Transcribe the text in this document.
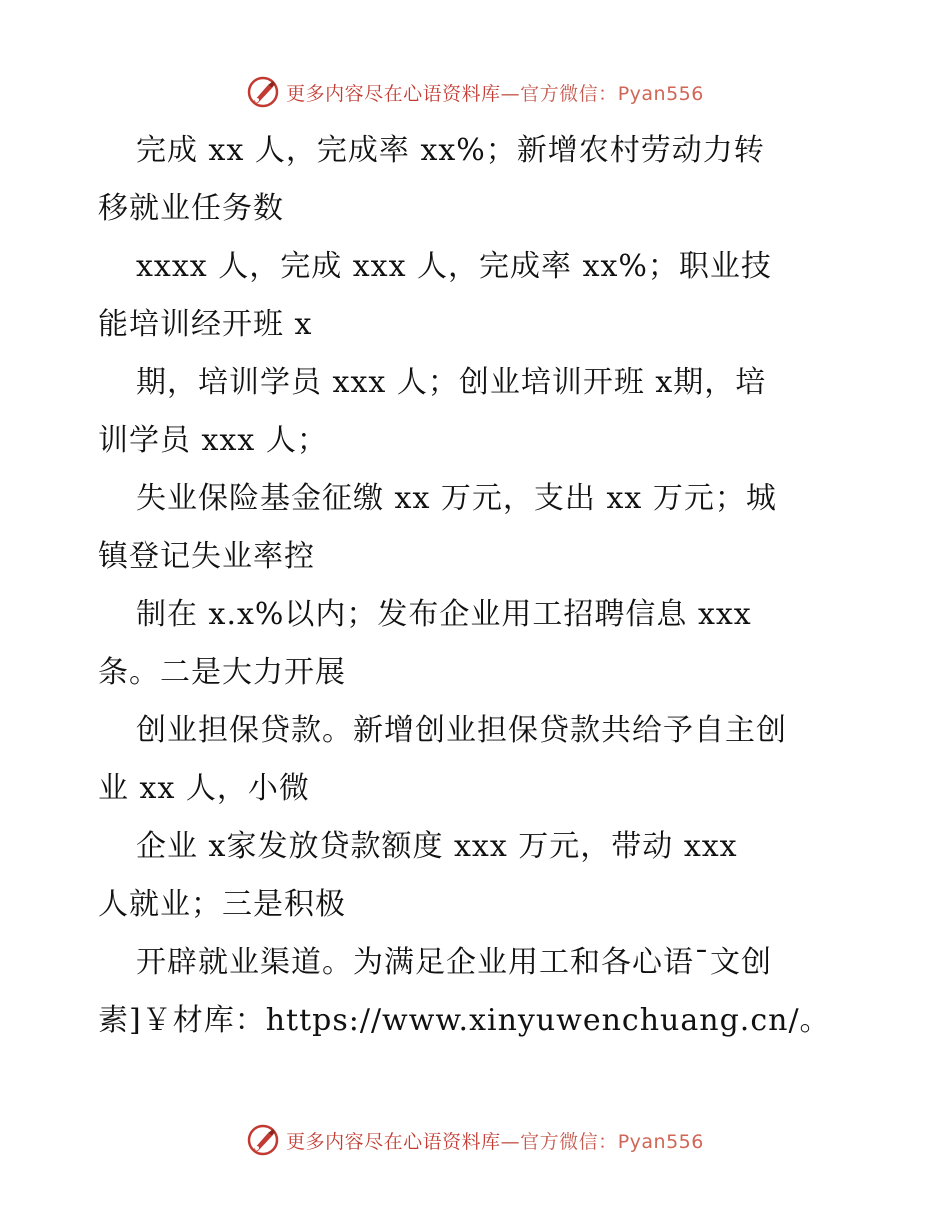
更多内容尽在心语资料库—官方微信：Pyan556
完成 xx 人，完成率 xx%；新增农村劳动力转
移就业任务数
xxxx 人，完成 xxx 人，完成率 xx%；职业技
能培训经开班 x
期，培训学员 xxx 人；创业培训开班 x期，培
训学员 xxx 人；
失业保险基金征缴 xx 万元，支出 xx 万元；城
镇登记失业率控
制在 x.x%以内；发布企业用工招聘信息 xxx
条。二是大力开展
创业担保贷款。新增创业担保贷款共给予自主创
业 xx 人，小微
企业 x家发放贷款额度 xxx 万元，带动 xxx
人就业；三是积极
开辟就业渠道。为满足企业用工和各心语¯文创
素]￥材库：https://www.xinyuwenchuang.cn/。
更多内容尽在心语资料库—官方微信：Pyan556
